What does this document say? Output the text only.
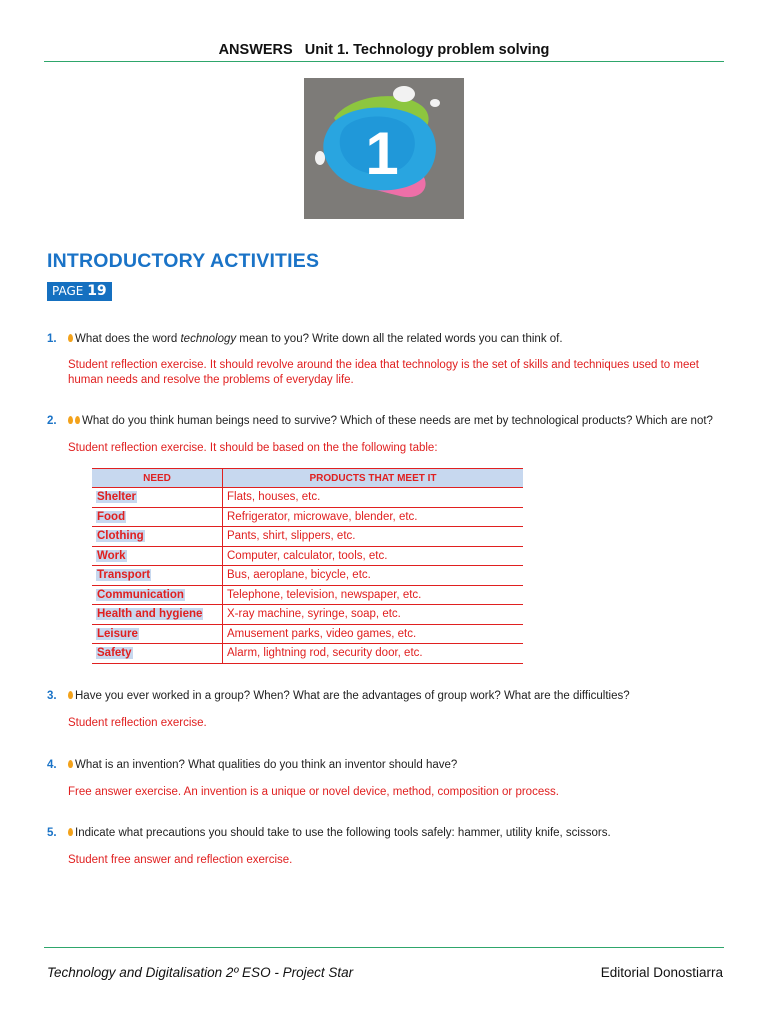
ANSWERS   Unit 1. Technology problem solving
1
INTRODUCTORY ACTIVITIES
PAGE 19
1.	What does the word technology mean to you? Write down all the related words you can think of.
Student reflection exercise. It should revolve around the idea that technology is the set of skills and techniques used to meet human needs and resolve the problems of everyday life.
2.	What do you think human beings need to survive? Which of these needs are met by technological products? Which are not?
Student reflection exercise. It should be based on the the following table:
NEED	PRODUCTS THAT MEET IT
Shelter	Flats, houses, etc.
Food	Refrigerator, microwave, blender, etc.
Clothing	Pants, shirt, slippers, etc.
Work	Computer, calculator, tools, etc.
Transport	Bus, aeroplane, bicycle, etc.
Communication	Telephone, television, newspaper, etc.
Health and hygiene	X-ray machine, syringe, soap, etc.
Leisure	Amusement parks, video games, etc.
Safety	Alarm, lightning rod, security door, etc.
3.	Have you ever worked in a group? When? What are the advantages of group work? What are the difficulties?
Student reflection exercise.
4.	What is an invention? What qualities do you think an inventor should have?
Free answer exercise. An invention is a unique or novel device, method, composition or process.
5.	Indicate what precautions you should take to use the following tools safely: hammer, utility knife, scissors.
Student free answer and reflection exercise.
Technology and Digitalisation 2º ESO - Project Star	Editorial Donostiarra
